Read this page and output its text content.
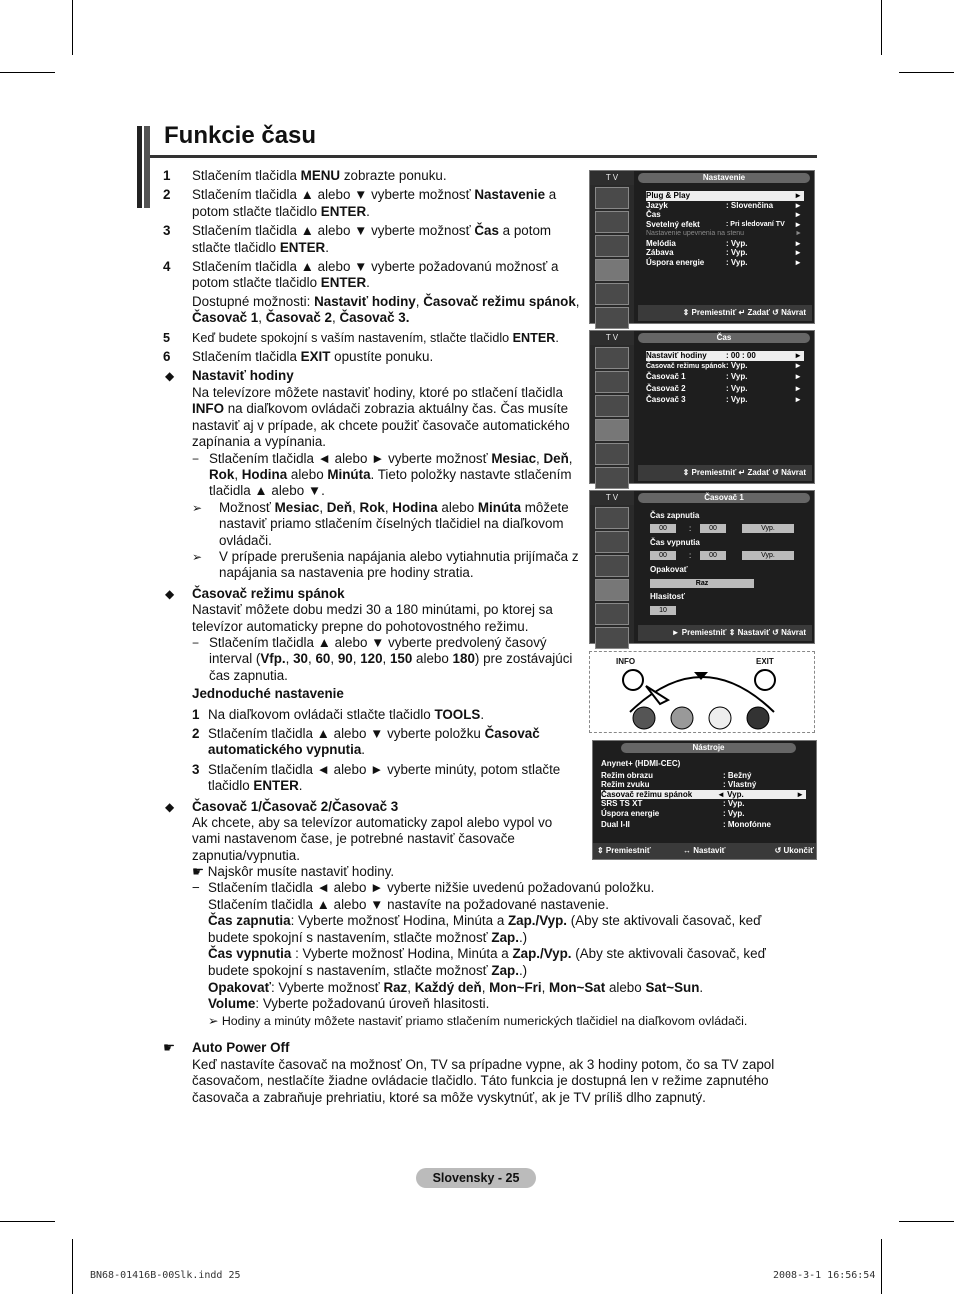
Funkcie času
1 Stlačením tlačidla MENU zobrazte ponuku.
2 Stlačením tlačidla ▲ alebo ▼ vyberte možnosť Nastavenie a potom stlačte tlačidlo ENTER.
3 Stlačením tlačidla ▲ alebo ▼ vyberte možnosť Čas a potom stlačte tlačidlo ENTER.
4 Stlačením tlačidla ▲ alebo ▼ vyberte požadovanú možnosť a potom stlačte tlačidlo ENTER.
Dostupné možnosti: Nastaviť hodiny, Časovač režimu spánok, Časovač 1, Časovač 2, Časovač 3.
5 Keď budete spokojní s vaším nastavením, stlačte tlačidlo ENTER.
6 Stlačením tlačidla EXIT opustíte ponuku.
◆ Nastaviť hodiny
Na televízore môžete nastaviť hodiny, ktoré po stlačení tlačidla INFO na diaľkovom ovládači zobrazia aktuálny čas. Čas musíte nastaviť aj v prípade, ak chcete použiť časovače automatického zapínania a vypínania.
− Stlačením tlačidla ◄ alebo ► vyberte možnosť Mesiac, Deň, Rok, Hodina alebo Minúta. Tieto položky nastavte stlačením tlačidla ▲ alebo ▼.
➢ Možnosť Mesiac, Deň, Rok, Hodina alebo Minúta môžete nastaviť priamo stlačením číselných tlačidiel na diaľkovom ovládači.
➢ V prípade prerušenia napájania alebo vytiahnutia prijímača z napájania sa nastavenia pre hodiny stratia.
◆ Časovač režimu spánok
Nastaviť môžete dobu medzi 30 a 180 minútami, po ktorej sa televízor automaticky prepne do pohotovostného režimu.
− Stlačením tlačidla ▲ alebo ▼ vyberte predvolený časový interval (Vfp., 30, 60, 90, 120, 150 alebo 180) pre zostávajúci čas zapnutia.
Jednoduché nastavenie
1 Na diaľkovom ovládači stlačte tlačidlo TOOLS.
2 Stlačením tlačidla ▲ alebo ▼ vyberte položku Časovač automatického vypnutia.
3 Stlačením tlačidla ◄ alebo ► vyberte minúty, potom stlačte tlačidlo ENTER.
◆ Časovač 1/Časovač 2/Časovač 3
Ak chcete, aby sa televízor automaticky zapol alebo vypol vo vami nastavenom čase, je potrebné nastaviť časovače zapnutia/vypnutia.
☛ Najskôr musíte nastaviť hodiny.
− Stlačením tlačidla ◄ alebo ► vyberte nižšie uvedenú požadovanú položku.
Stlačením tlačidla ▲ alebo ▼ nastavíte na požadované nastavenie.
Čas zapnutia: Vyberte možnosť Hodina, Minúta a Zap./Vyp. (Aby ste aktivovali časovač, keď budete spokojní s nastavením, stlačte možnosť Zap..)
Čas vypnutia : Vyberte možnosť Hodina, Minúta a Zap./Vyp. (Aby ste aktivovali časovač, keď budete spokojní s nastavením, stlačte možnosť Zap..)
Opakovať: Vyberte možnosť Raz, Každý deň, Mon~Fri, Mon~Sat alebo Sat~Sun.
Volume: Vyberte požadovanú úroveň hlasitosti.
➢ Hodiny a minúty môžete nastaviť priamo stlačením numerických tlačidiel na diaľkovom ovládači.
☛ Auto Power Off
Keď nastavíte časovač na možnosť On, TV sa prípadne vypne, ak 3 hodiny potom, čo sa TV zapol časovačom, nestlačíte žiadne ovládacie tlačidlo. Táto funkcia je dostupná len v režime zapnutého časovača a zabraňuje prehriatiu, ktoré sa môže vyskytnúť, ak je TV príliš dlho zapnutý.
T V	Nastavenie
Plug & Play	►
Jazyk	: Slovenčina	►
Čas	►
Svetelný efekt	: Pri sledovaní TV ►
Nastavenie upevnenia na stenu	►
Melódia	: Vyp.	►
Zábava	: Vyp.	►
Úspora energie	: Vyp.	►
⇕ Premiestniť ↵ Zadať ↺ Návrat
T V	Čas
Nastaviť hodiny : 00 : 00	►
Časovač režimu spánok : Vyp.	►
Časovač 1	: Vyp.	►
Časovač 2	: Vyp.	►
Časovač 3	: Vyp.	►
⇕ Premiestniť ↵ Zadať ↺ Návrat
T V	Časovač 1
Čas zapnutia
00	:	00	Vyp.
Čas vypnutia
00	:	00	Vyp.
Opakovať
Raz
Hlasitosť
10
► Premiestniť ⇕ Nastaviť ↺ Návrat
INFO	EXIT
Nástroje
Anynet+ (HDMI-CEC)
Režim obrazu	: Bežný
Režim zvuku	: Vlastný
Časovač režimu spánok	◄ Vyp.	►
SRS TS XT	: Vyp.
Úspora energie	: Vyp.
Dual I-II	: Monofónne
⇕ Premiestniť	↔ Nastaviť	↺ Ukončiť
Slovensky - 25
BN68-01416B-00Slk.indd 25	2008-3-1 16:56:54
